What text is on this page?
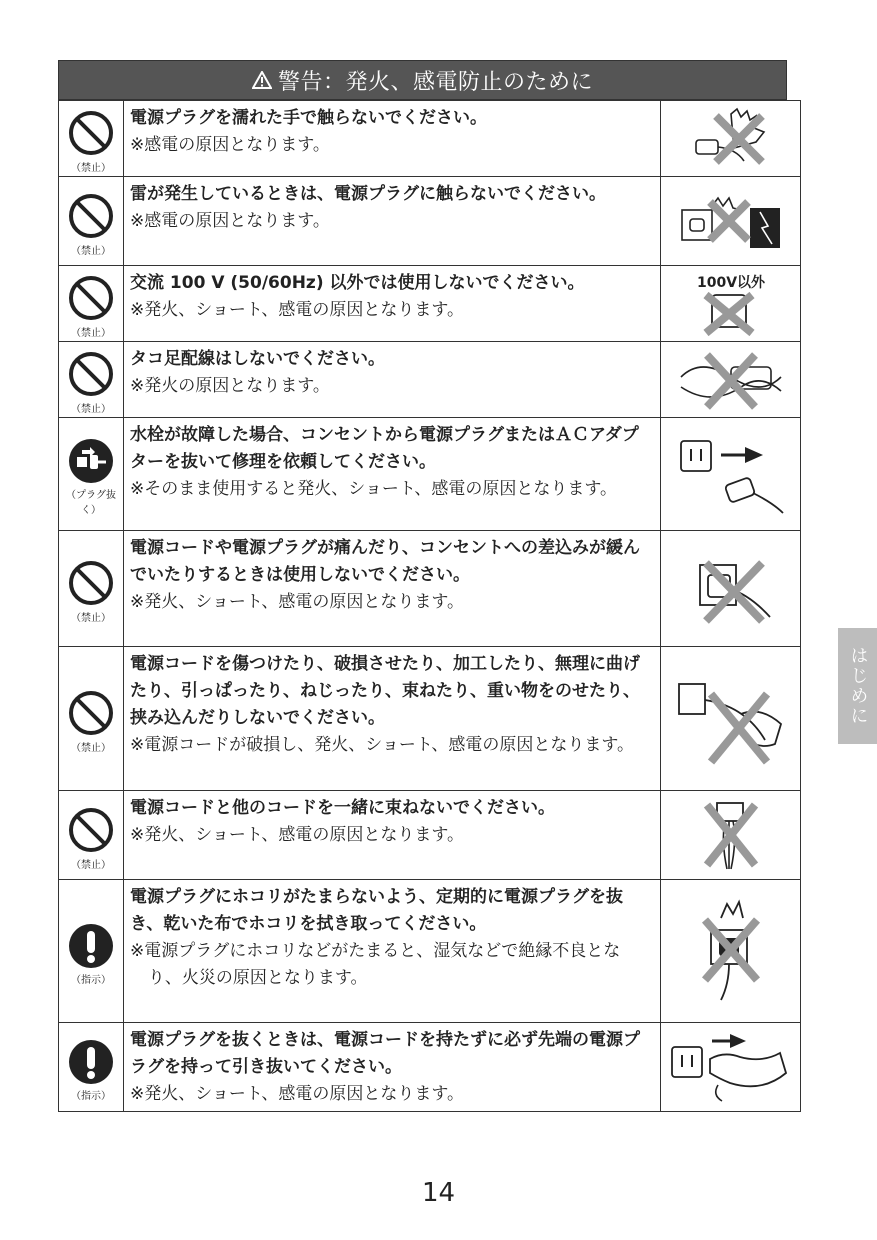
警告：発火、感電防止のために
（禁止）	電源プラグを濡れた手で触らないでください。
※感電の原因となります。

（禁止）	雷が発生しているときは、電源プラグに触らないでください。
※感電の原因となります。

（禁止）	交流 100 V (50/60Hz) 以外では使用しないでください。
※発火、ショート、感電の原因となります。	100V以外

（禁止）	タコ足配線はしないでください。
※発火の原因となります。

（プラグ抜く）	水栓が故障した場合、コンセントから電源プラグまたはＡＣアダプターを抜いて修理を依頼してください。
※そのまま使用すると発火、ショート、感電の原因となります。

（禁止）	電源コードや電源プラグが痛んだり、コンセントへの差込みが緩んでいたりするときは使用しないでください。
※発火、ショート、感電の原因となります。

（禁止）	電源コードを傷つけたり、破損させたり、加工したり、無理に曲げたり、引っぱったり、ねじったり、束ねたり、重い物をのせたり、挟み込んだりしないでください。
※電源コードが破損し、発火、ショート、感電の原因となります。

（禁止）	電源コードと他のコードを一緒に束ねないでください。
※発火、ショート、感電の原因となります。

（指示）	電源プラグにホコリがたまらないよう、定期的に電源プラグを抜き、乾いた布でホコリを拭き取ってください。
※電源プラグにホコリなどがたまると、湿気などで絶縁不良となり、火災の原因となります。

（指示）	電源プラグを抜くときは、電源コードを持たずに必ず先端の電源プラグを持って引き抜いてください。
※発火、ショート、感電の原因となります。

はじめに
14
